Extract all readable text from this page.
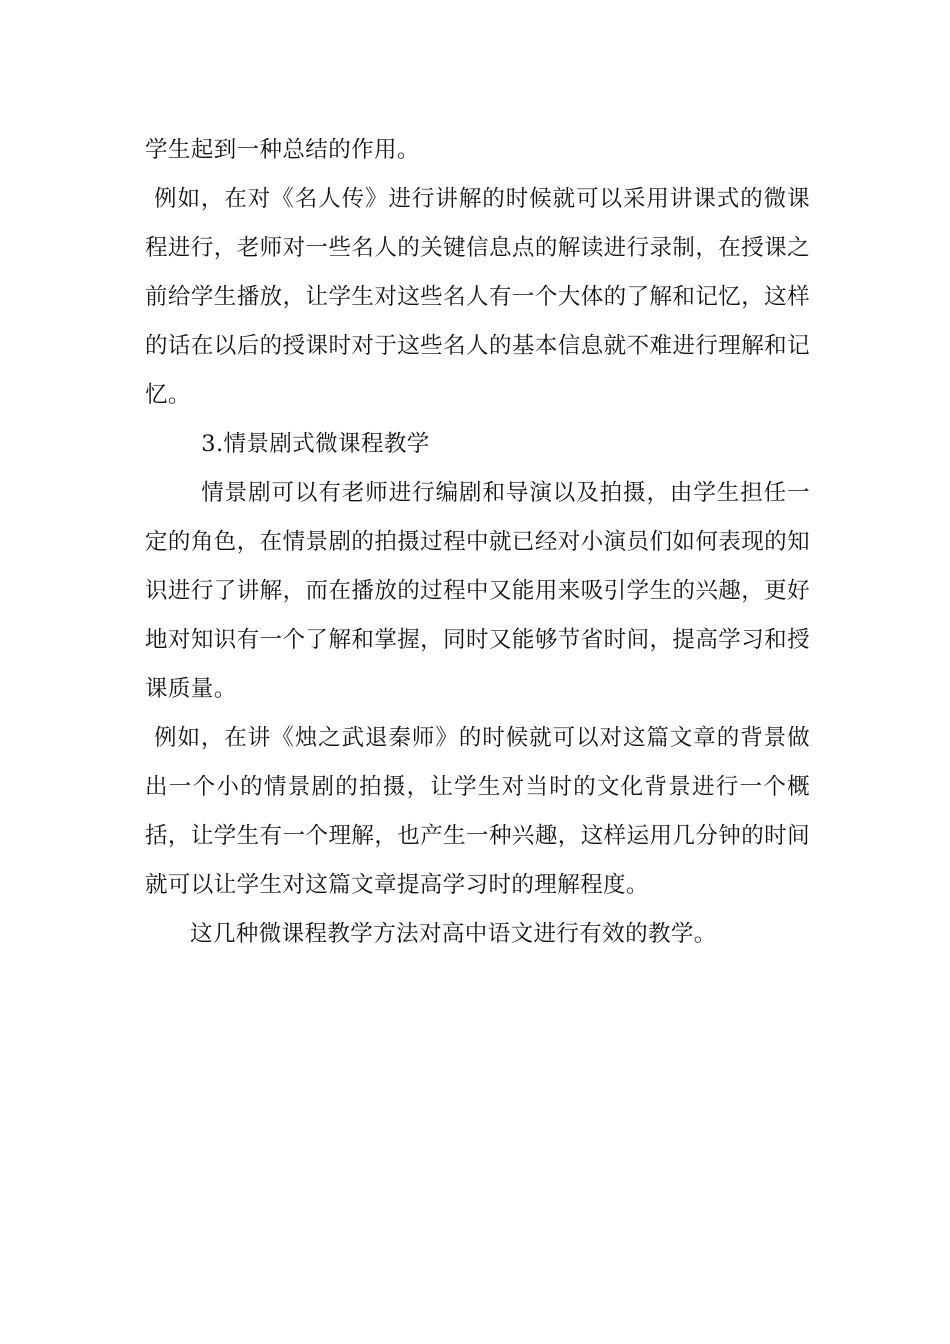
学生起到一种总结的作用。

例如，在对《名人传》进行讲解的时候就可以采用讲课式的微课程进行，老师对一些名人的关键信息点的解读进行录制，在授课之前给学生播放，让学生对这些名人有一个大体的了解和记忆，这样的话在以后的授课时对于这些名人的基本信息就不难进行理解和记忆。

3.情景剧式微课程教学

情景剧可以有老师进行编剧和导演以及拍摄，由学生担任一定的角色，在情景剧的拍摄过程中就已经对小演员们如何表现的知识进行了讲解，而在播放的过程中又能用来吸引学生的兴趣，更好地对知识有一个了解和掌握，同时又能够节省时间，提高学习和授课质量。

例如，在讲《烛之武退秦师》的时候就可以对这篇文章的背景做出一个小的情景剧的拍摄，让学生对当时的文化背景进行一个概括，让学生有一个理解，也产生一种兴趣，这样运用几分钟的时间就可以让学生对这篇文章提高学习时的理解程度。

这几种微课程教学方法对高中语文进行有效的教学。
